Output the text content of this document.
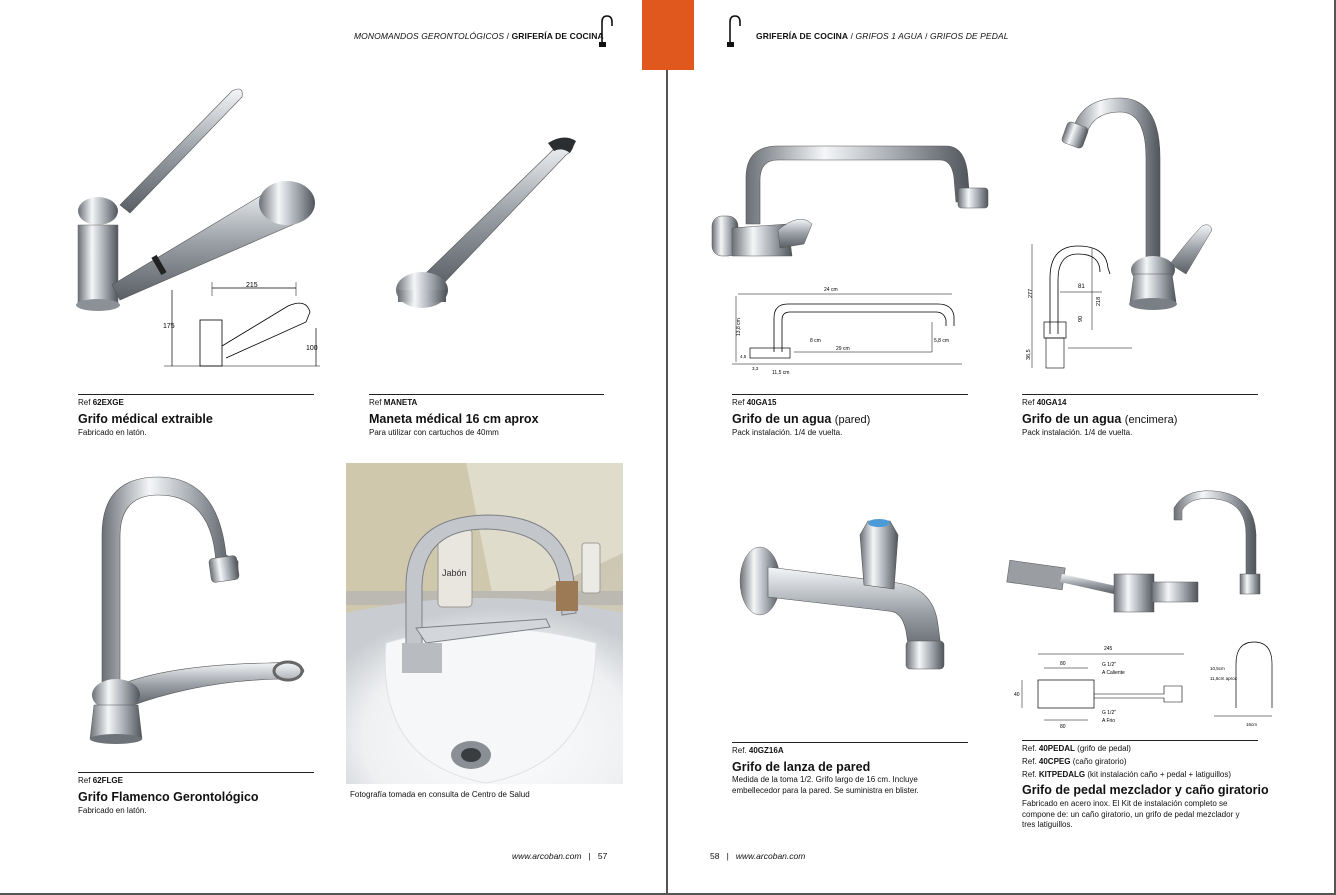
MONOMANDOS GERONTOLÓGICOS / GRIFERÍA DE COCINA
215
175
100
Ref 62EXGE
Grifo médical extraible
Fabricado en latón.
Ref MANETA
Maneta médical 16 cm aprox
Para utilizar con cartuchos de 40mm
Ref 62FLGE
Grifo Flamenco Gerontológico
Fabricado en latón.
Jabón
Fotografía tomada en consulta de Centro de Salud
www.arcoban.com | 57
GRIFERÍA DE COCINA / GRIFOS 1 AGUA / GRIFOS DE PEDAL
24 cm
13,8 cm
29 cm
8 cm	5,8 cm
11,5 cm
3,3
4,5
Ref 40GA15
Grifo de un agua (pared)
Pack instalación. 1/4 de vuelta.
81
277
218
90
36,5
Ref 40GA14
Grifo de un agua (encimera)
Pack instalación. 1/4 de vuelta.
Ref. 40GZ16A
Grifo de lanza de pared
Medida de la toma 1/2. Grifo largo de 16 cm. Incluye embellecedor para la pared. Se suministra en blister.
245
80
80
40
G 1/2"
A Caliente
G 1/2"
A Frio
10,5cm
11,5cm aprox
16cm
Ref. 40PEDAL (grifo de pedal)
Ref. 40CPEG (caño giratorio)
Ref. KITPEDALG (kit instalación caño + pedal + latiguillos)
Grifo de pedal mezclador y caño giratorio
Fabricado en acero inox. El Kit de instalación completo se compone de: un caño giratorio, un grifo de pedal mezclador y tres latiguillos.
58 | www.arcoban.com
